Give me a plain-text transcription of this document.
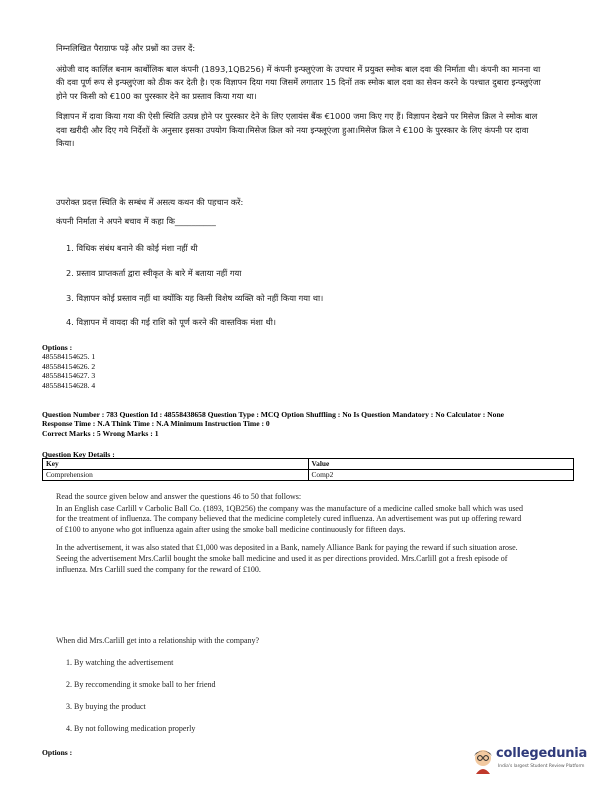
निम्नलिखित पैराग्राफ पढ़ें और प्रश्नों का उत्तर दें:

अंग्रेजी वाद कार्लिल बनाम कार्बोलिक बाल कंपनी (1893,1QB256) में कंपनी इन्फ्लुएंजा के उपचार में प्रयुक्त स्मोक बाल दवा की निर्माता थी। कंपनी का मानना था की दवा पूर्ण रूप से इन्फ्लुएंजा को ठीक कर देती है। एक विज्ञापन दिया गया जिसमें लगातार 15 दिनों तक स्मोक बाल दवा का सेवन करने के पश्चात दुबारा इन्फ्लुएंजा होने पर किसी को €100 का पुरस्कार देने का प्रस्ताव किया गया था।

विज्ञापन में दावा किया गया की ऐसी स्थिति उत्पन्न होने पर पुरस्कार देने के लिए एलायंस बैंक €1000 जमा किए गए हैं। विज्ञापन देखने पर मिसेज क्रिल ने स्मोक बाल दवा खरीदी और दिए गये निर्देशों के अनुसार इसका उपयोग किया।मिसेज क्रिल को नया इन्फ्लूएंजा हुआ।मिसेज क्रिल ने €100 के पुरस्कार के लिए कंपनी पर दावा किया।

उपरोक्त प्रदत्त स्थिति के सम्बंध में असत्य कथन की पहचान करें:

कंपनी निर्माता ने अपने बचाव में कहा कि__________

1. विधिक संबंध बनाने की कोई मंशा नहीं थी
2. प्रस्ताव प्राप्तकर्ता द्वारा स्वीकृत के बारे में बताया नहीं गया
3. विज्ञापन कोई प्रस्ताव नहीं था क्योंकि यह किसी विशेष व्यक्ति को नहीं किया गया था।
4. विज्ञापन में वायदा की गई राशि को पूर्ण करने की वास्तविक मंशा थी।
Options :
485584154625. 1
485584154626. 2
485584154627. 3
485584154628. 4
Question Number : 783 Question Id : 48558438658 Question Type : MCQ Option Shuffling : No Is Question Mandatory : No Calculator : None
Response Time : N.A Think Time : N.A Minimum Instruction Time : 0
Correct Marks : 5 Wrong Marks : 1
Question Key Details :
Key	Value
Comprehension	Comp2

Read the source given below and answer the questions 46 to 50 that follows:

In an English case Carlill v Carbolic Ball Co. (1893, 1QB256) the company was the manufacture of a medicine called smoke ball which was used for the treatment of influenza. The company believed that the medicine completely cured influenza. An advertisement was put up offering reward of £100 to anyone who got influenza again after using the smoke ball medicine continuously for fifteen days.

In the advertisement, it was also stated that £1,000 was deposited in a Bank, namely Alliance Bank for paying the reward if such situation arose. Seeing the advertisement Mrs.Carlil bought the smoke ball medicine and used it as per directions provided. Mrs.Carlill got a fresh episode of influenza. Mrs Carlill sued the company for the reward of £100.

When did Mrs.Carlill get into a relationship with the company?
1. By watching the advertisement
2. By reccomending it smoke ball to her friend
3. By buying the product
4. By not following medication properly
Options :	collegedunia
India's largest Student Review Platform
